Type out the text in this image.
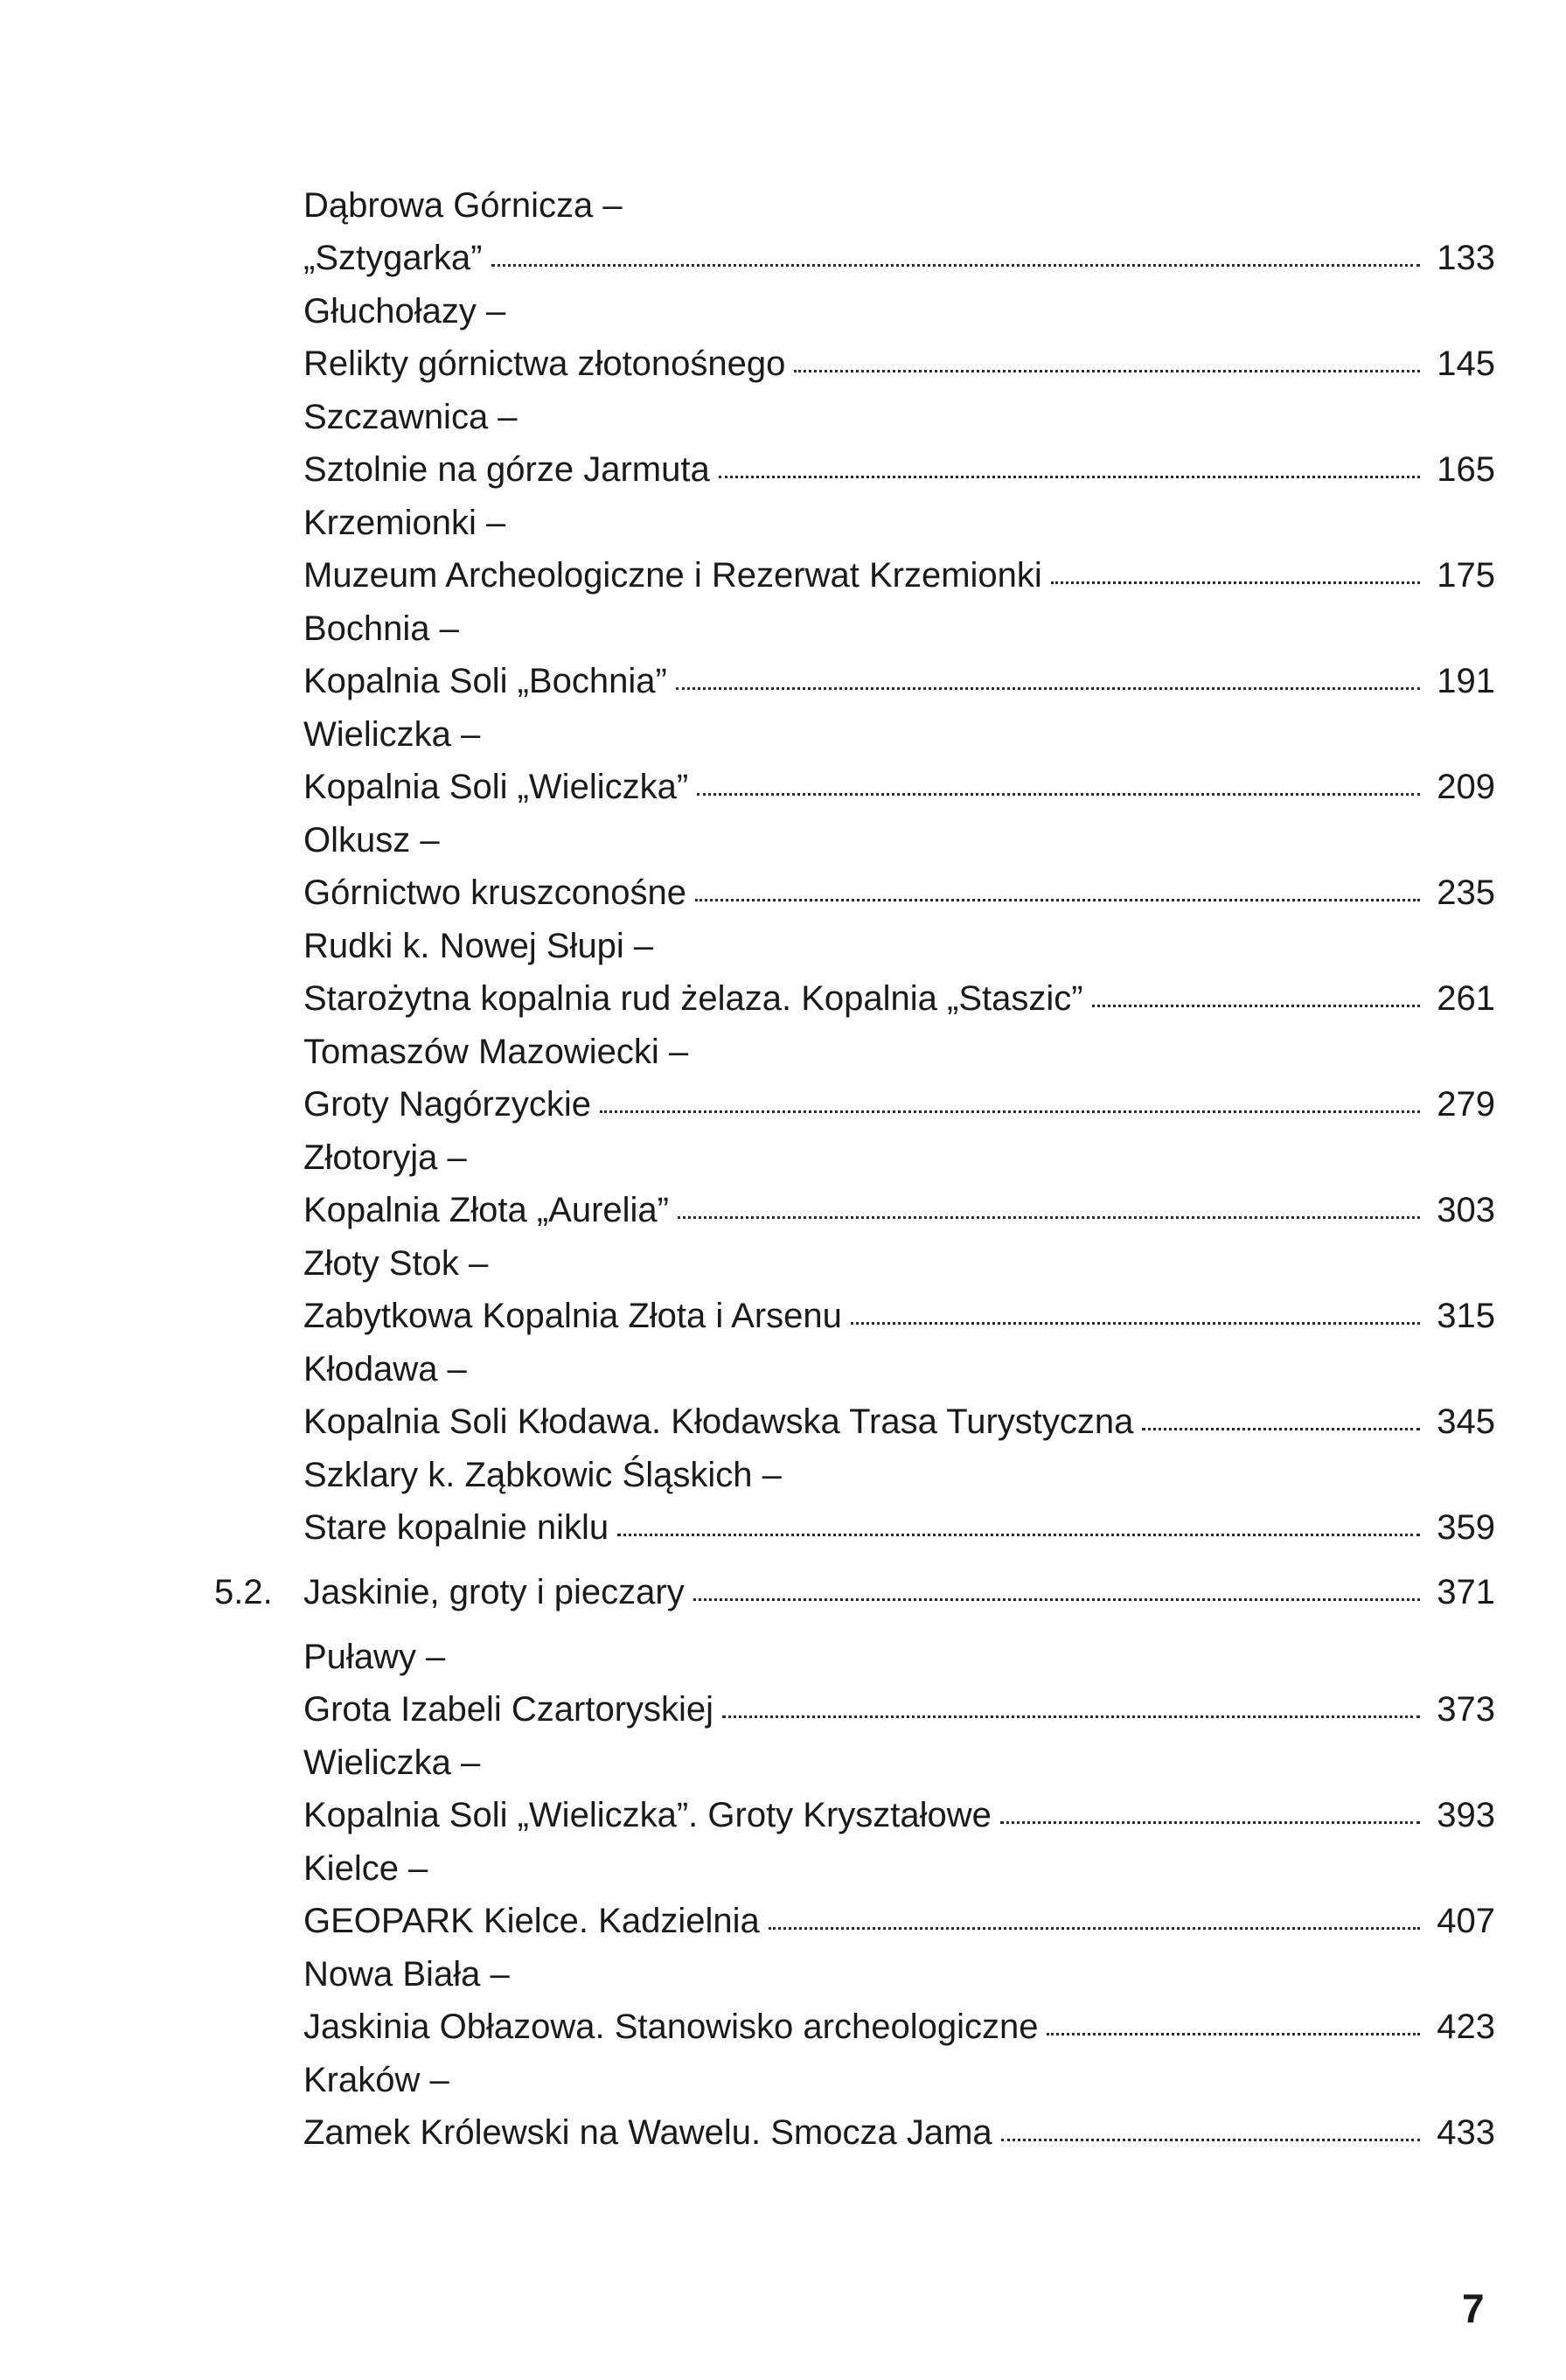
Dąbrowa Górnicza –
„Sztygarka”	133
Głuchołazy –
Relikty górnictwa złotonośnego	145
Szczawnica –
Sztolnie na górze Jarmuta	165
Krzemionki –
Muzeum Archeologiczne i Rezerwat Krzemionki	175
Bochnia –
Kopalnia Soli „Bochnia”	191
Wieliczka –
Kopalnia Soli „Wieliczka”	209
Olkusz –
Górnictwo kruszconośne	235
Rudki k. Nowej Słupi –
Starożytna kopalnia rud żelaza. Kopalnia „Staszic”	261
Tomaszów Mazowiecki –
Groty Nagórzyckie	279
Złotoryja –
Kopalnia Złota „Aurelia”	303
Złoty Stok –
Zabytkowa Kopalnia Złota i Arsenu	315
Kłodawa –
Kopalnia Soli Kłodawa. Kłodawska Trasa Turystyczna	345
Szklary k. Ząbkowic Śląskich –
Stare kopalnie niklu	359
5.2. Jaskinie, groty i pieczary	371
Puławy –
Grota Izabeli Czartoryskiej	373
Wieliczka –
Kopalnia Soli „Wieliczka”. Groty Kryształowe	393
Kielce –
GEOPARK Kielce. Kadzielnia	407
Nowa Biała –
Jaskinia Obłazowa. Stanowisko archeologiczne	423
Kraków –
Zamek Królewski na Wawelu. Smocza Jama	433
7
